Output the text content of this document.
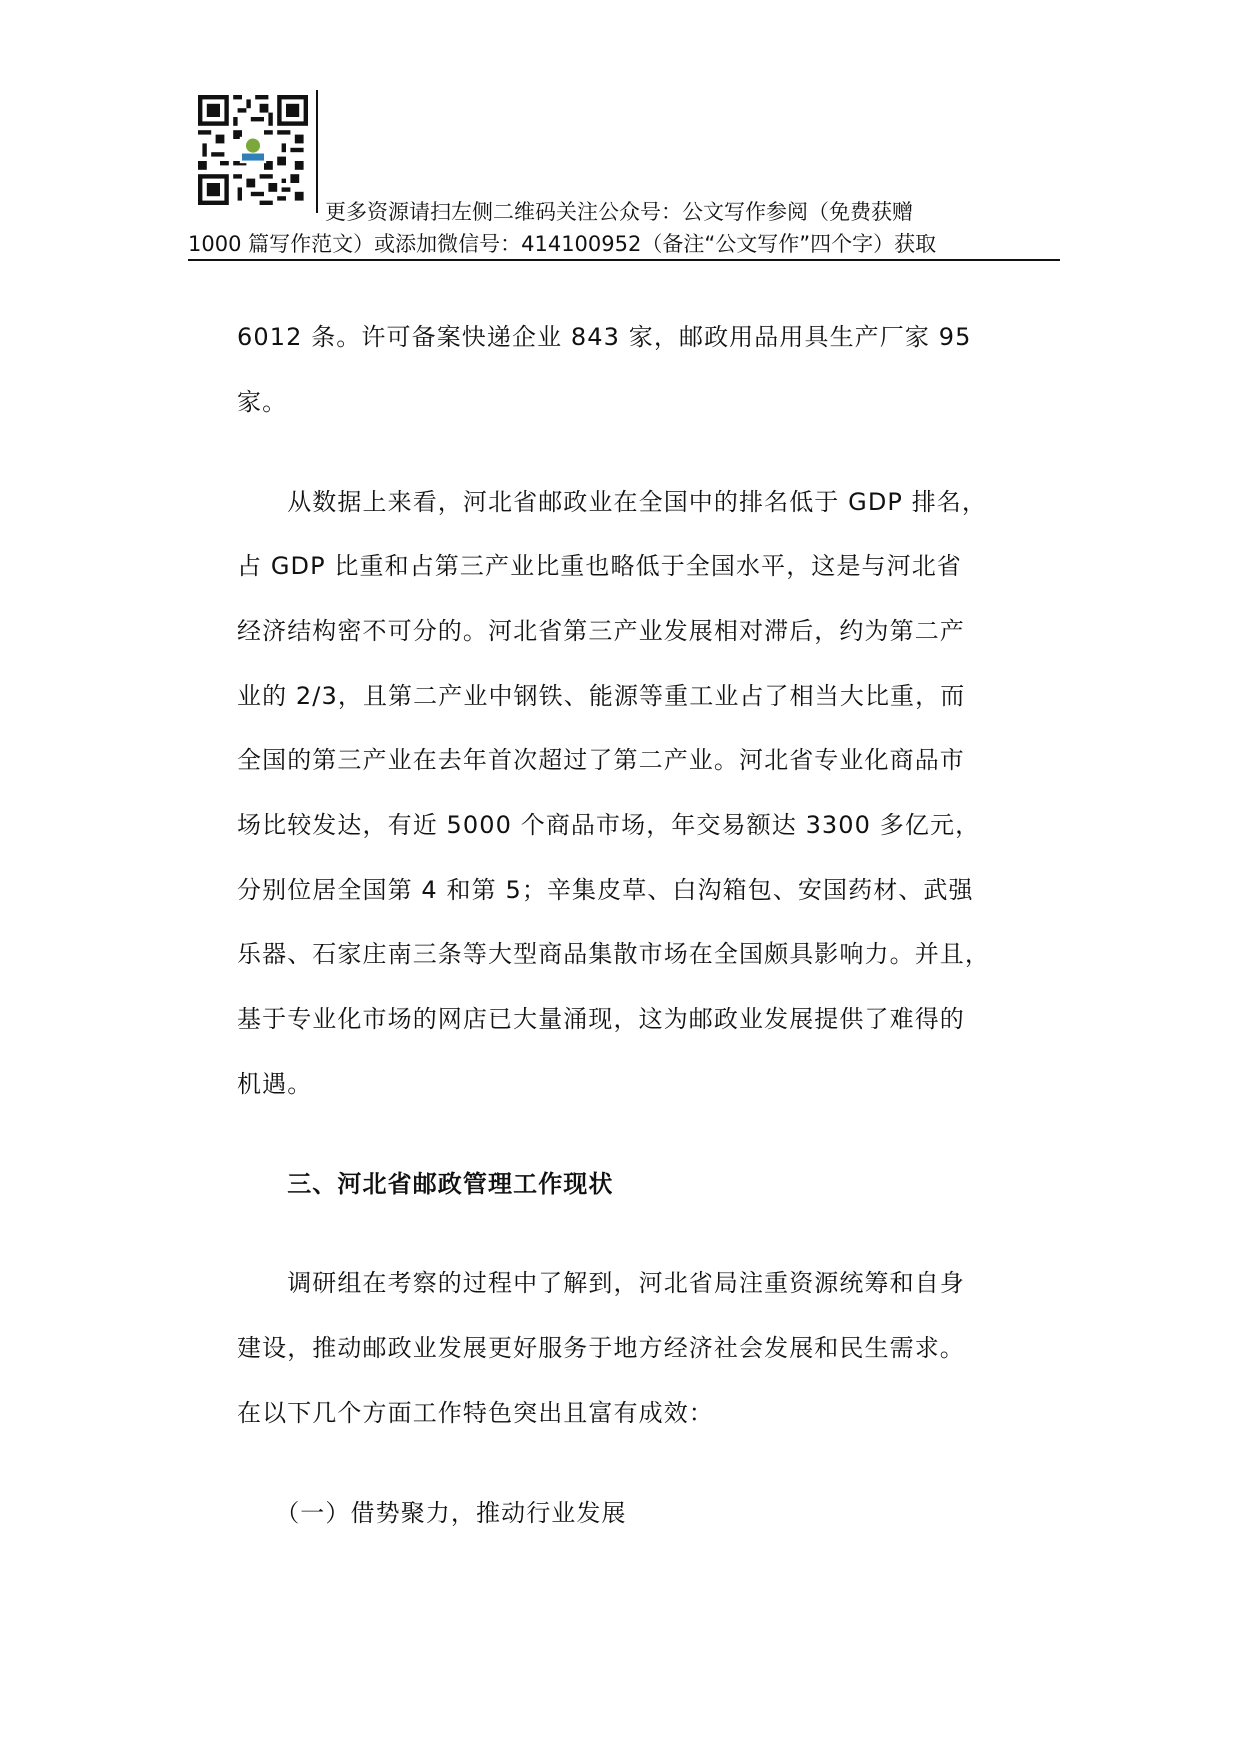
更多资源请扫左侧二维码关注公众号：公文写作参阅（免费获赠
1000 篇写作范文）或添加微信号：414100952（备注“公文写作”四个字）获取
6012 条。许可备案快递企业 843 家，邮政用品用具生产厂家 95
家。
　　从数据上来看，河北省邮政业在全国中的排名低于 GDP 排名，
占 GDP 比重和占第三产业比重也略低于全国水平，这是与河北省
经济结构密不可分的。河北省第三产业发展相对滞后，约为第二产
业的 2/3，且第二产业中钢铁、能源等重工业占了相当大比重，而
全国的第三产业在去年首次超过了第二产业。河北省专业化商品市
场比较发达，有近 5000 个商品市场，年交易额达 3300 多亿元，
分别位居全国第 4 和第 5；辛集皮草、白沟箱包、安国药材、武强
乐器、石家庄南三条等大型商品集散市场在全国颇具影响力。并且，
基于专业化市场的网店已大量涌现，这为邮政业发展提供了难得的
机遇。
　　三、河北省邮政管理工作现状
　　调研组在考察的过程中了解到，河北省局注重资源统筹和自身
建设，推动邮政业发展更好服务于地方经济社会发展和民生需求。
在以下几个方面工作特色突出且富有成效：
　　（一）借势聚力，推动行业发展
